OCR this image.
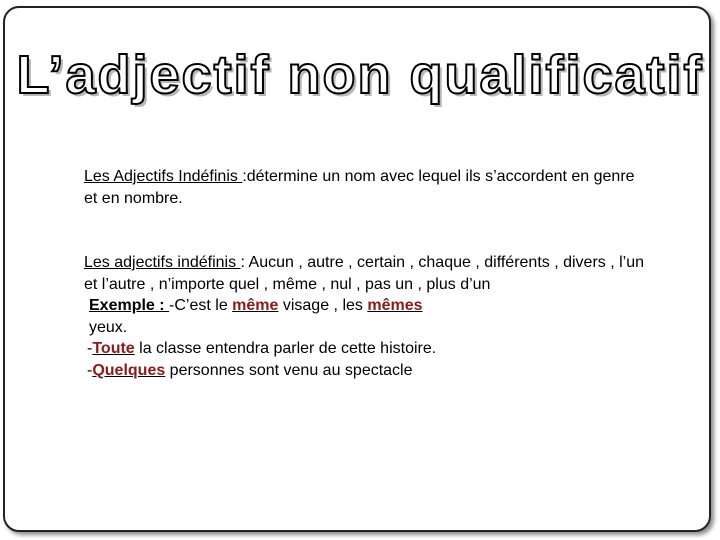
L’adjectif non qualificatif

Les Adjectifs Indéfinis :détermine un nom avec lequel ils s’accordent en genre et en nombre.

Les adjectifs indéfinis : Aucun , autre , certain , chaque , différents , divers , l’un et l’autre , n’importe quel , même , nul , pas un , plus d’un

Exemple : -C’est le même visage , les mêmes
yeux.
-Toute la classe entendra parler de cette histoire.
-Quelques personnes sont venu au spectacle
